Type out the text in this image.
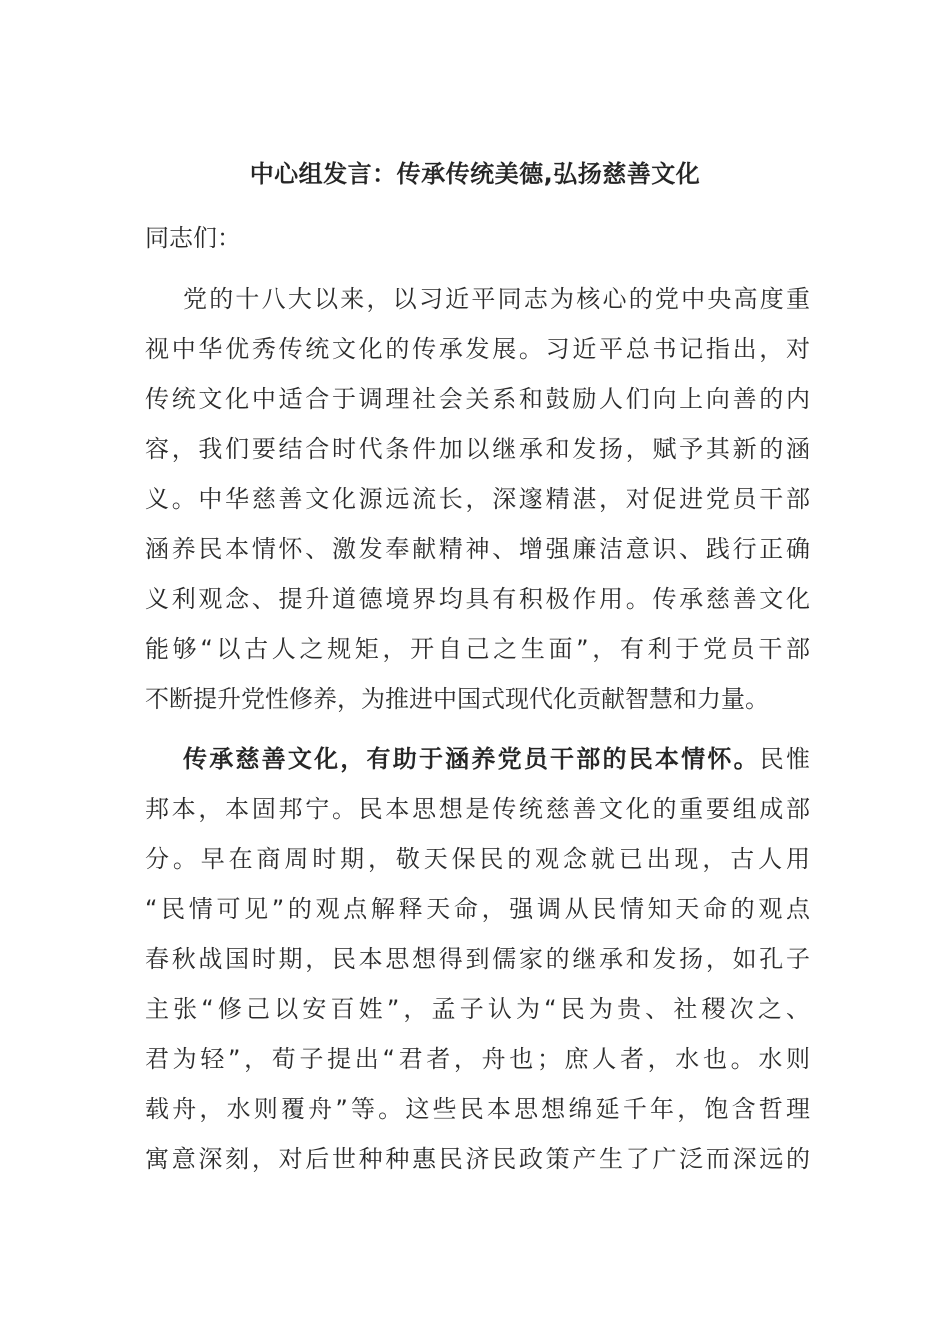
中心组发言：传承传统美德,弘扬慈善文化
同志们：
党的十八大以来，以习近平同志为核心的党中央高度重
视中华优秀传统文化的传承发展。习近平总书记指出，对
传统文化中适合于调理社会关系和鼓励人们向上向善的内
容，我们要结合时代条件加以继承和发扬，赋予其新的涵
义。中华慈善文化源远流长，深邃精湛，对促进党员干部
涵养民本情怀、激发奉献精神、增强廉洁意识、践行正确
义利观念、提升道德境界均具有积极作用。传承慈善文化
能够“以古人之规矩，开自己之生面”，有利于党员干部
不断提升党性修养，为推进中国式现代化贡献智慧和力量。
传承慈善文化，有助于涵养党员干部的民本情怀。民惟
邦本，本固邦宁。民本思想是传统慈善文化的重要组成部
分。早在商周时期，敬天保民的观念就已出现，古人用
“民情可见”的观点解释天命，强调从民情知天命的观点
春秋战国时期，民本思想得到儒家的继承和发扬，如孔子
主张“修己以安百姓”，孟子认为“民为贵、社稷次之、
君为轻”，荀子提出“君者，舟也；庶人者，水也。水则
载舟，水则覆舟”等。这些民本思想绵延千年，饱含哲理
寓意深刻，对后世种种惠民济民政策产生了广泛而深远的
